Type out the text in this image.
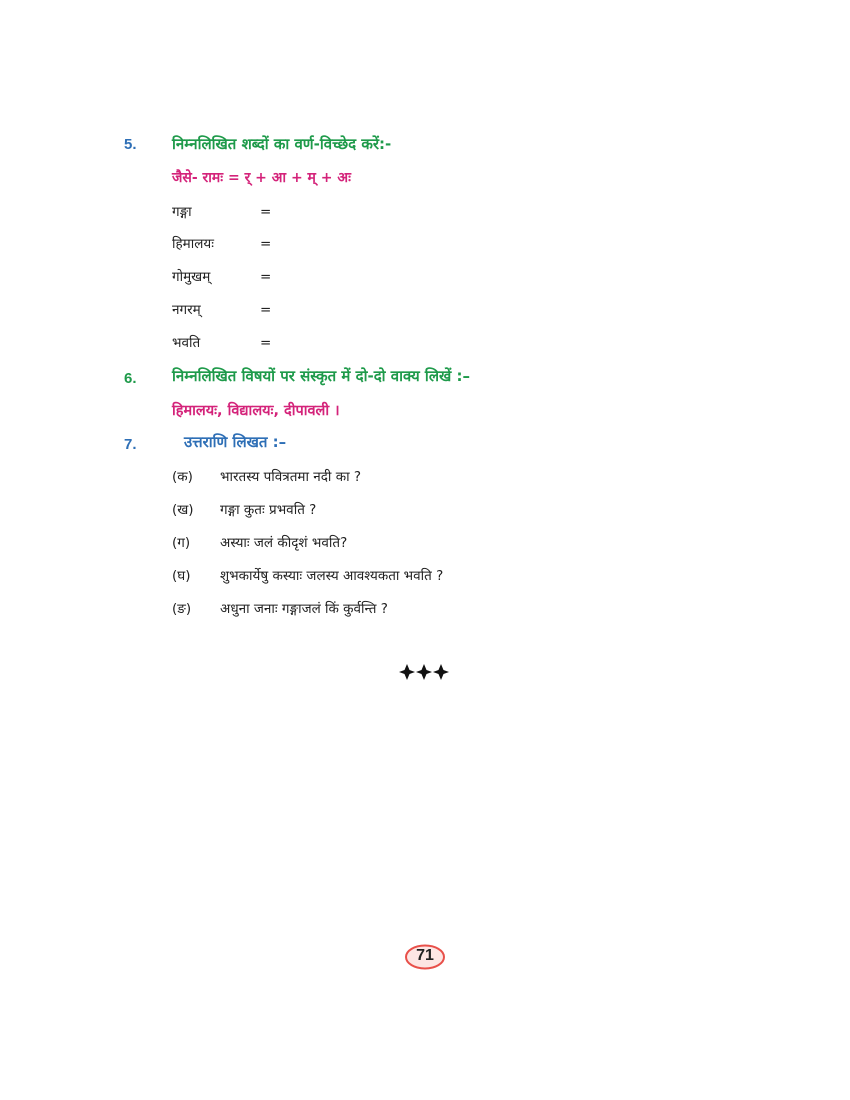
5. निम्नलिखित शब्दों का वर्ण-विच्छेद करें:-
जैसे- रामः = र् + आ + म् + अः
गङ्गा	=
हिमालयः	=
गोमुखम्	=
नगरम्	=
भवति	=
6. निम्नलिखित विषयों पर संस्कृत में दो-दो वाक्य लिखें :–
हिमालयः, विद्यालयः, दीपावली ।
7.	उत्तराणि लिखत :–
(क) भारतस्य पवित्रतमा नदी का ?
(ख) गङ्गा कुतः प्रभवति ?
(ग) अस्याः जलं कीदृशं भवति?
(घ) शुभकार्येषु कस्याः जलस्य आवश्यकता भवति ?
(ङ) अधुना जनाः गङ्गाजलं किं कुर्वन्ति ?
71
